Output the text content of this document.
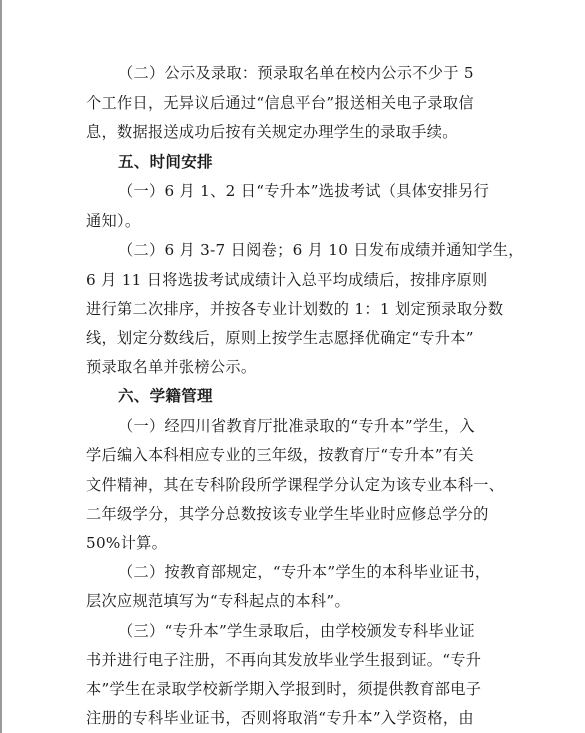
（二）公示及录取：预录取名单在校内公示不少于 5
个工作日，无异议后通过“信息平台”报送相关电子录取信
息，数据报送成功后按有关规定办理学生的录取手续。
五、时间安排
（一）6 月 1、2 日“专升本”选拔考试（具体安排另行
通知）。
（二）6 月 3-7 日阅卷；6 月 10 日发布成绩并通知学生，
6 月 11 日将选拔考试成绩计入总平均成绩后，按排序原则
进行第二次排序，并按各专业计划数的 1：1 划定预录取分数
线，划定分数线后，原则上按学生志愿择优确定“专升本”
预录取名单并张榜公示。
六、学籍管理
（一）经四川省教育厅批准录取的“专升本”学生，入
学后编入本科相应专业的三年级，按教育厅“专升本”有关
文件精神，其在专科阶段所学课程学分认定为该专业本科一、
二年级学分，其学分总数按该专业学生毕业时应修总学分的
50%计算。
（二）按教育部规定，“专升本”学生的本科毕业证书，
层次应规范填写为“专科起点的本科”。
（三）“专升本”学生录取后，由学校颁发专科毕业证
书并进行电子注册，不再向其发放毕业学生报到证。“专升
本”学生在录取学校新学期入学报到时，须提供教育部电子
注册的专科毕业证书，否则将取消“专升本”入学资格，由
